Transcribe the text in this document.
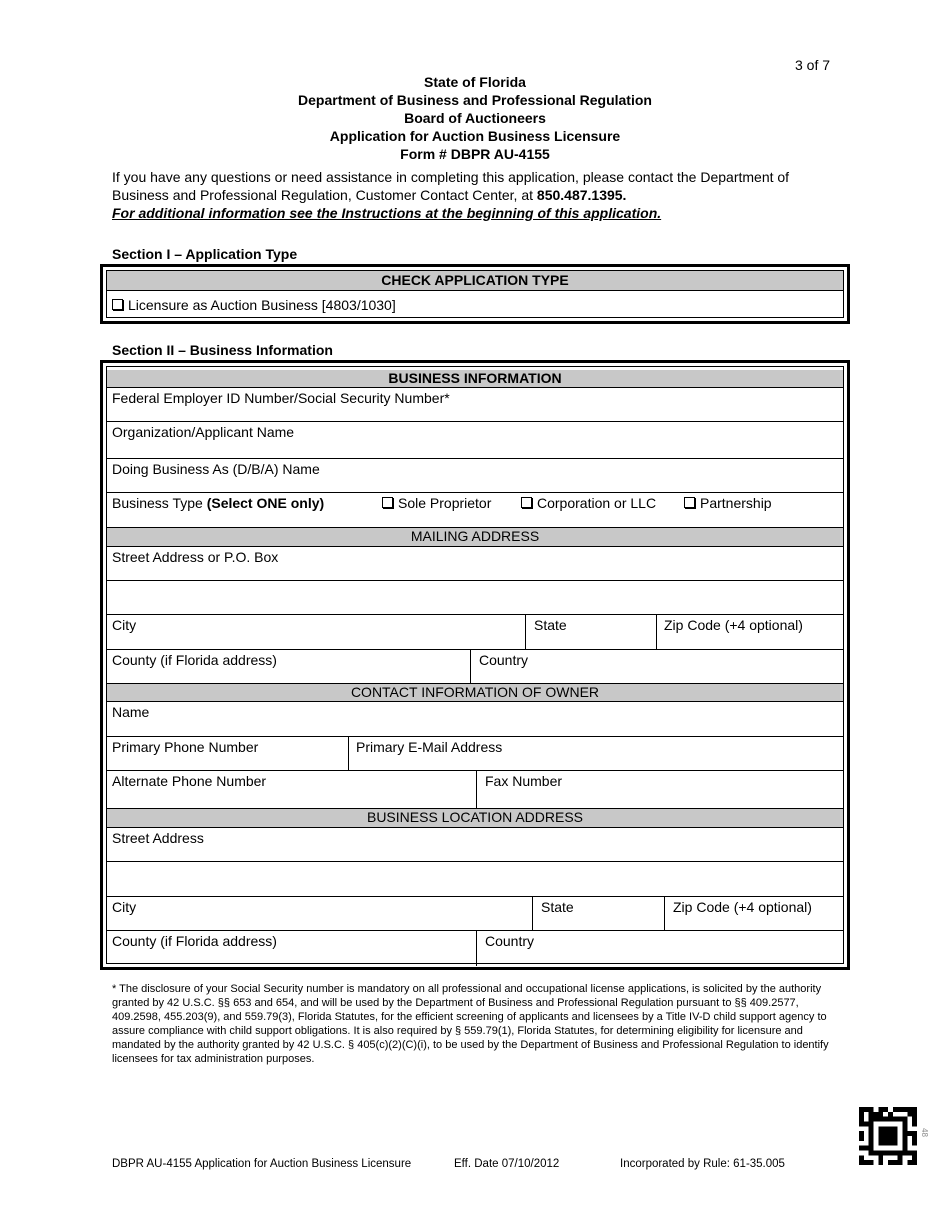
3 of 7
State of Florida
Department of Business and Professional Regulation
Board of Auctioneers
Application for Auction Business Licensure
Form # DBPR AU-4155
If you have any questions or need assistance in completing this application, please contact the Department of Business and Professional Regulation, Customer Contact Center, at 850.487.1395.
For additional information see the Instructions at the beginning of this application.
Section I – Application Type
CHECK APPLICATION TYPE
Licensure as Auction Business [4803/1030]
Section II – Business Information
BUSINESS INFORMATION
Federal Employer ID Number/Social Security Number*
Organization/Applicant Name
Doing Business As (D/B/A) Name
Business Type (Select ONE only)	Sole Proprietor	Corporation or LLC	Partnership
MAILING ADDRESS
Street Address or P.O. Box
City	State	Zip Code (+4 optional)
County (if Florida address)	Country
CONTACT INFORMATION OF OWNER
Name
Primary Phone Number	Primary E-Mail Address
Alternate Phone Number	Fax Number
BUSINESS LOCATION ADDRESS
Street Address
City	State	Zip Code (+4 optional)
County (if Florida address)	Country
* The disclosure of your Social Security number is mandatory on all professional and occupational license applications, is solicited by the authority granted by 42 U.S.C. §§ 653 and 654, and will be used by the Department of Business and Professional Regulation pursuant to §§ 409.2577, 409.2598, 455.203(9), and 559.79(3), Florida Statutes, for the efficient screening of applicants and licensees by a Title IV-D child support agency to assure compliance with child support obligations. It is also required by § 559.79(1), Florida Statutes, for determining eligibility for licensure and mandated by the authority granted by 42 U.S.C. § 405(c)(2)(C)(i), to be used by the Department of Business and Professional Regulation to identify licensees for tax administration purposes.
DBPR AU-4155 Application for Auction Business Licensure	Eff. Date 07/10/2012	Incorporated by Rule: 61-35.005
48
